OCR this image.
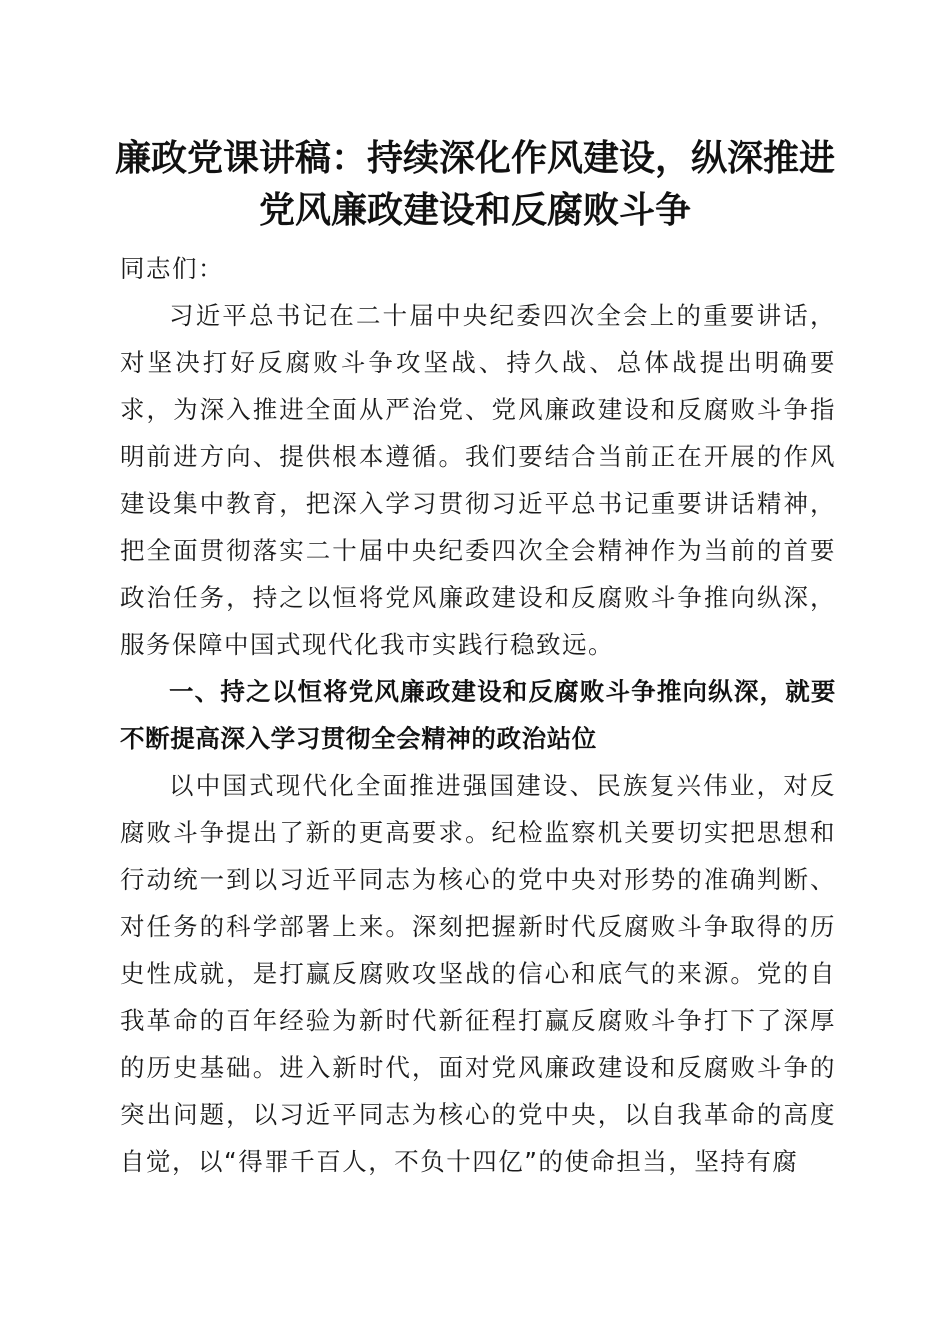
廉政党课讲稿：持续深化作风建设，纵深推进
党风廉政建设和反腐败斗争

同志们：

习近平总书记在二十届中央纪委四次全会上的重要讲话，对坚决打好反腐败斗争攻坚战、持久战、总体战提出明确要求，为深入推进全面从严治党、党风廉政建设和反腐败斗争指明前进方向、提供根本遵循。我们要结合当前正在开展的作风建设集中教育，把深入学习贯彻习近平总书记重要讲话精神，把全面贯彻落实二十届中央纪委四次全会精神作为当前的首要政治任务，持之以恒将党风廉政建设和反腐败斗争推向纵深，服务保障中国式现代化我市实践行稳致远。

一、持之以恒将党风廉政建设和反腐败斗争推向纵深，就要不断提高深入学习贯彻全会精神的政治站位

以中国式现代化全面推进强国建设、民族复兴伟业，对反腐败斗争提出了新的更高要求。纪检监察机关要切实把思想和行动统一到以习近平同志为核心的党中央对形势的准确判断、对任务的科学部署上来。深刻把握新时代反腐败斗争取得的历史性成就，是打赢反腐败攻坚战的信心和底气的来源。党的自我革命的百年经验为新时代新征程打赢反腐败斗争打下了深厚的历史基础。进入新时代，面对党风廉政建设和反腐败斗争的突出问题，以习近平同志为核心的党中央，以自我革命的高度自觉，以“得罪千百人，不负十四亿”的使命担当，坚持有腐
